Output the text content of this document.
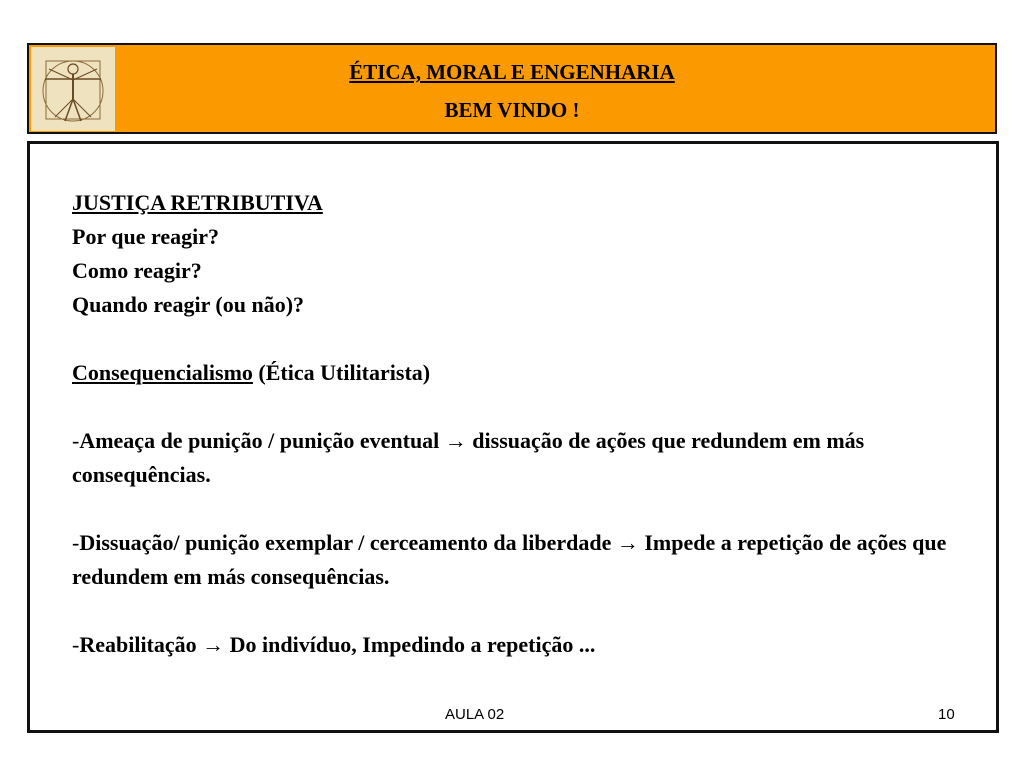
ÉTICA, MORAL E ENGENHARIA
BEM VINDO !
JUSTIÇA RETRIBUTIVA
Por que reagir?
Como reagir?
Quando reagir (ou não)?
Consequencialismo (Ética Utilitarista)
-Ameaça de punição / punição eventual → dissuação de ações que redundem em más consequências.
-Dissuação/ punição exemplar / cerceamento da liberdade → Impede a repetição de ações que redundem em más consequências.
-Reabilitação → Do indivíduo, Impedindo a repetição ...
AULA 02	10
